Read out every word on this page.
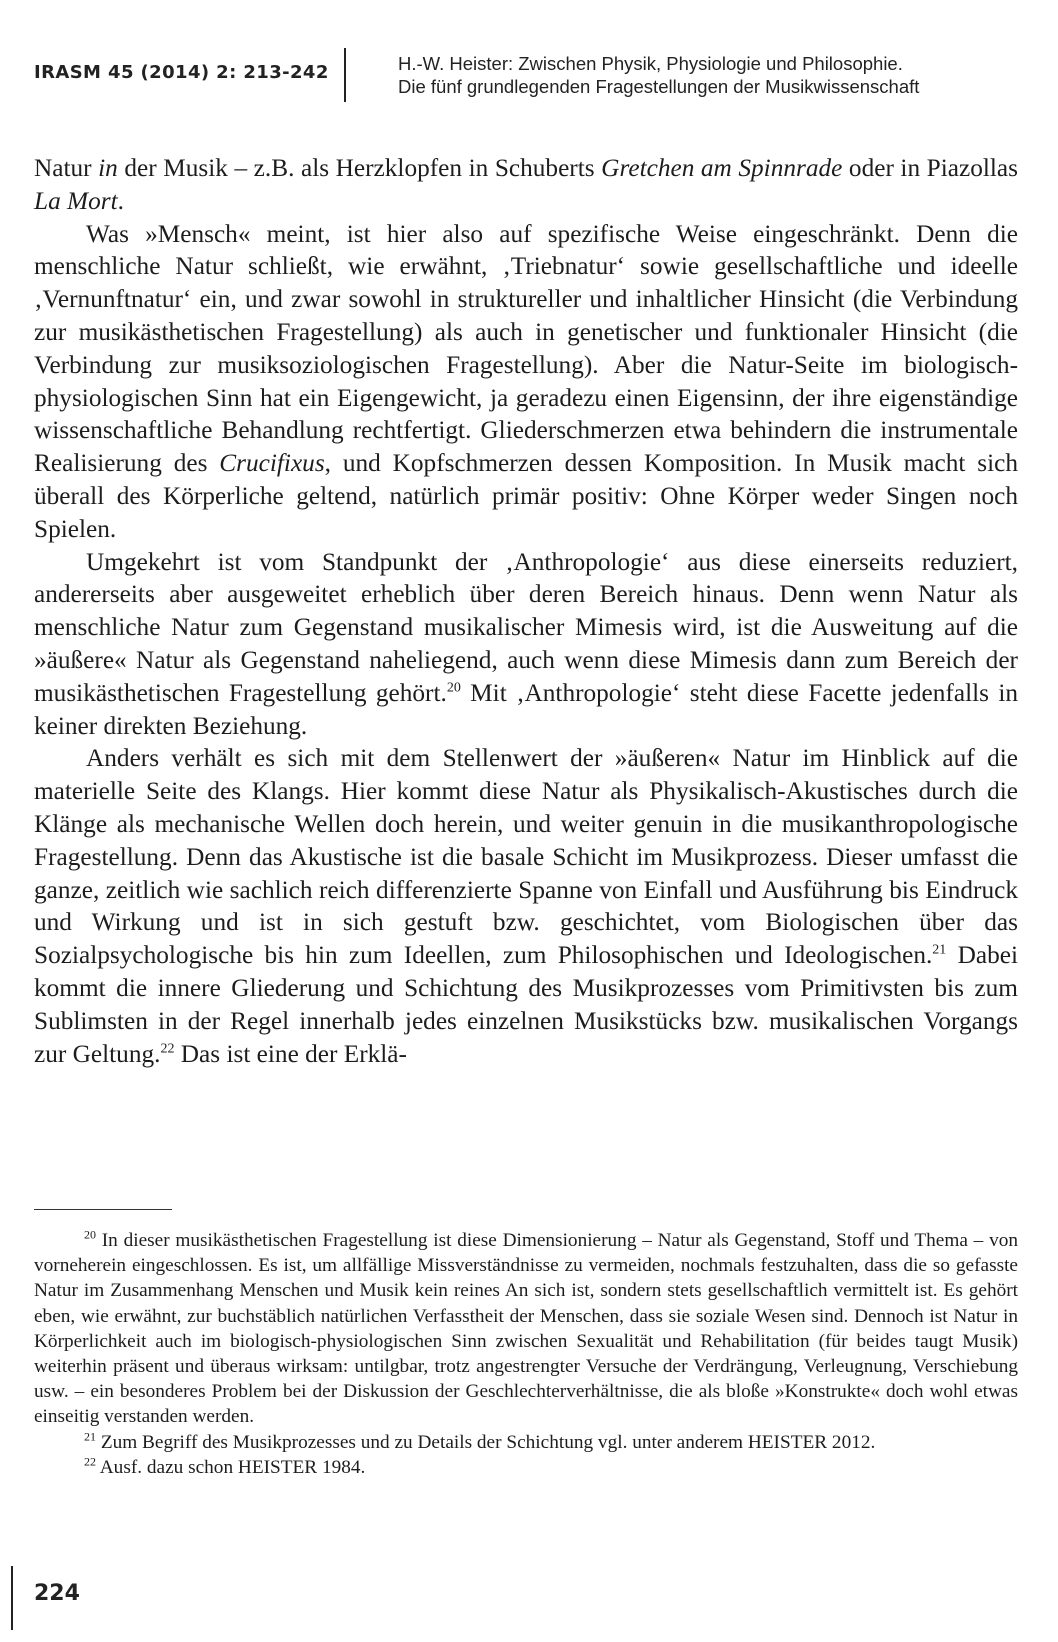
IRASM 45 (2014) 2: 213-242	H.-W. Heister: Zwischen Physik, Physiologie und Philosophie.
Die fünf grundlegenden Fragestellungen der Musikwissenschaft

Natur in der Musik – z.B. als Herzklopfen in Schuberts Gretchen am Spinnrade oder in Piazollas La Mort.

Was »Mensch« meint, ist hier also auf spezifische Weise eingeschränkt. Denn die menschliche Natur schließt, wie erwähnt, ‚Triebnatur‘ sowie gesellschaftliche und ideelle ‚Vernunftnatur‘ ein, und zwar sowohl in struktureller und inhaltlicher Hinsicht (die Verbindung zur musikästhetischen Fragestellung) als auch in genetischer und funktionaler Hinsicht (die Verbindung zur musiksoziologischen Fragestellung). Aber die Natur-Seite im biologisch-physiologischen Sinn hat ein Eigengewicht, ja geradezu einen Eigensinn, der ihre eigenständige wissenschaftliche Behandlung rechtfertigt. Gliederschmerzen etwa behindern die instrumentale Realisierung des Crucifixus, und Kopfschmerzen dessen Komposition. In Musik macht sich überall des Körperliche geltend, natürlich primär positiv: Ohne Körper weder Singen noch Spielen.

Umgekehrt ist vom Standpunkt der ‚Anthropologie‘ aus diese einerseits reduziert, andererseits aber ausgeweitet erheblich über deren Bereich hinaus. Denn wenn Natur als menschliche Natur zum Gegenstand musikalischer Mimesis wird, ist die Ausweitung auf die »äußere« Natur als Gegenstand naheliegend, auch wenn diese Mimesis dann zum Bereich der musikästhetischen Fragestellung gehört.$^{20}$ Mit ‚Anthropologie‘ steht diese Facette jedenfalls in keiner direkten Beziehung.

Anders verhält es sich mit dem Stellenwert der »äußeren« Natur im Hinblick auf die materielle Seite des Klangs. Hier kommt diese Natur als Physikalisch-Akustisches durch die Klänge als mechanische Wellen doch herein, und weiter genuin in die musikanthropologische Fragestellung. Denn das Akustische ist die basale Schicht im Musikprozess. Dieser umfasst die ganze, zeitlich wie sachlich reich differenzierte Spanne von Einfall und Ausführung bis Eindruck und Wirkung und ist in sich gestuft bzw. geschichtet, vom Biologischen über das Sozialpsychologische bis hin zum Ideellen, zum Philosophischen und Ideologischen.$^{21}$ Dabei kommt die innere Gliederung und Schichtung des Musikprozesses vom Primitivsten bis zum Sublimsten in der Regel innerhalb jedes einzelnen Musikstücks bzw. musikalischen Vorgangs zur Geltung.$^{22}$ Das ist eine der Erklä-

$^{20}$ In dieser musikästhetischen Fragestellung ist diese Dimensionierung – Natur als Gegenstand, Stoff und Thema – von vorneherein eingeschlossen. Es ist, um allfällige Missverständnisse zu vermeiden, nochmals festzuhalten, dass die so gefasste Natur im Zusammenhang Menschen und Musik kein reines An sich ist, sondern stets gesellschaftlich vermittelt ist. Es gehört eben, wie erwähnt, zur buchstäblich natürlichen Verfasstheit der Menschen, dass sie soziale Wesen sind. Dennoch ist Natur in Körperlichkeit auch im biologisch-physiologischen Sinn zwischen Sexualität und Rehabilitation (für beides taugt Musik) weiterhin präsent und überaus wirksam: untilgbar, trotz angestrengter Versuche der Verdrängung, Verleugnung, Verschiebung usw. – ein besonderes Problem bei der Diskussion der Geschlechterverhältnisse, die als bloße »Konstrukte« doch wohl etwas einseitig verstanden werden.

$^{21}$ Zum Begriff des Musikprozesses und zu Details der Schichtung vgl. unter anderem HEISTER 2012.

$^{22}$ Ausf. dazu schon HEISTER 1984.

224
